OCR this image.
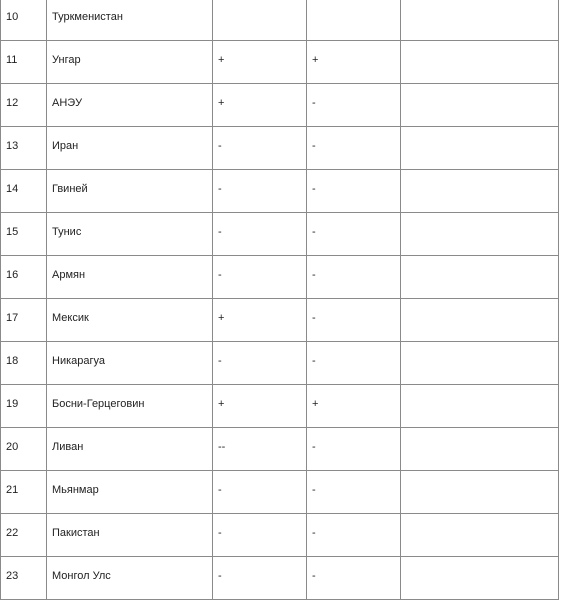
10	Туркменистан			

11	Унгар	+	+	

12	АНЭУ	+	-	

13	Иран	-	-	

14	Гвиней	-	-	

15	Тунис	-	-	

16	Армян	-	-	

17	Мексик	+	-	

18	Никарагуа	-	-	

19	Босни-Герцеговин	+	+	

20	Ливан	--	-	

21	Мьянмар	-	-	

22	Пакистан	-	-	

23	Монгол Улс	-	-	
